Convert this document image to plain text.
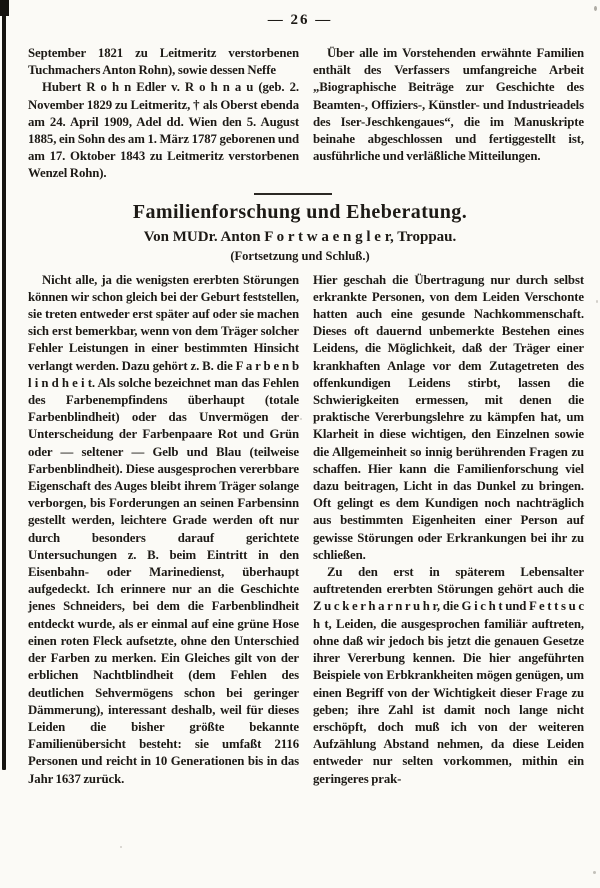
— 26 —

September 1821 zu Leitmeritz verstorbenen Tuchmachers Anton Rohn), sowie dessen Neffe

Hubert R o h n Edler v. R o h n a u (geb. 2. November 1829 zu Leitmeritz, † als Oberst ebenda am 24. April 1909, Adel dd. Wien den 5. August 1885, ein Sohn des am 1. März 1787 geborenen und am 17. Oktober 1843 zu Leitmeritz verstorbenen Wenzel Rohn).

Über alle im Vorstehenden erwähnte Familien enthält des Verfassers umfangreiche Arbeit „Biographische Beiträge zur Geschichte des Beamten-, Offiziers-, Künstler- und Industrieadels des Iser-Jeschkengaues“, die im Manuskripte beinahe abgeschlossen und fertiggestellt ist, ausführliche und verläßliche Mitteilungen.

Familienforschung und Eheberatung.
Von MUDr. Anton F o r t w a e n g l e r, Troppau.
(Fortsetzung und Schluß.)

Nicht alle, ja die wenigsten ererbten Störungen können wir schon gleich bei der Geburt feststellen, sie treten entweder erst später auf oder sie machen sich erst bemerkbar, wenn von dem Träger solcher Fehler Leistungen in einer bestimmten Hinsicht verlangt werden. Dazu gehört z. B. die F a r b e n b l i n d h e i t. Als solche bezeichnet man das Fehlen des Farbenempfindens überhaupt (totale Farbenblindheit) oder das Unvermögen der Unterscheidung der Farbenpaare Rot und Grün oder — seltener — Gelb und Blau (teilweise Farbenblindheit). Diese ausgesprochen vererbbare Eigenschaft des Auges bleibt ihrem Träger solange verborgen, bis Forderungen an seinen Farbensinn gestellt werden, leichtere Grade werden oft nur durch besonders darauf gerichtete Untersuchungen z. B. beim Eintritt in den Eisenbahn- oder Marinedienst, überhaupt aufgedeckt. Ich erinnere nur an die Geschichte jenes Schneiders, bei dem die Farbenblindheit entdeckt wurde, als er einmal auf eine grüne Hose einen roten Fleck aufsetzte, ohne den Unterschied der Farben zu merken. Ein Gleiches gilt von der erblichen Nachtblindheit (dem Fehlen des deutlichen Sehvermögens schon bei geringer Dämmerung), interessant deshalb, weil für dieses Leiden die bisher größte bekannte Familienübersicht besteht: sie umfaßt 2116 Personen und reicht in 10 Generationen bis in das Jahr 1637 zurück.

Hier geschah die Übertragung nur durch selbst erkrankte Personen, von dem Leiden Verschonte hatten auch eine gesunde Nachkommenschaft. Dieses oft dauernd unbemerkte Bestehen eines Leidens, die Möglichkeit, daß der Träger einer krankhaften Anlage vor dem Zutagetreten des offenkundigen Leidens stirbt, lassen die Schwierigkeiten ermessen, mit denen die praktische Vererbungslehre zu kämpfen hat, um Klarheit in diese wichtigen, den Einzelnen sowie die Allgemeinheit so innig berührenden Fragen zu schaffen. Hier kann die Familienforschung viel dazu beitragen, Licht in das Dunkel zu bringen. Oft gelingt es dem Kundigen noch nachträglich aus bestimmten Eigenheiten einer Person auf gewisse Störungen oder Erkrankungen bei ihr zu schließen.

Zu den erst in späterem Lebensalter auftretenden ererbten Störungen gehört auch die Z u c k e r h a r n r u h r, die G i c h t und F e t t s u c h t, Leiden, die ausgesprochen familiär auftreten, ohne daß wir jedoch bis jetzt die genauen Gesetze ihrer Vererbung kennen. Die hier angeführten Beispiele von Erbkrankheiten mögen genügen, um einen Begriff von der Wichtigkeit dieser Frage zu geben; ihre Zahl ist damit noch lange nicht erschöpft, doch muß ich von der weiteren Aufzählung Abstand nehmen, da diese Leiden entweder nur selten vorkommen, mithin ein geringeres prak-
